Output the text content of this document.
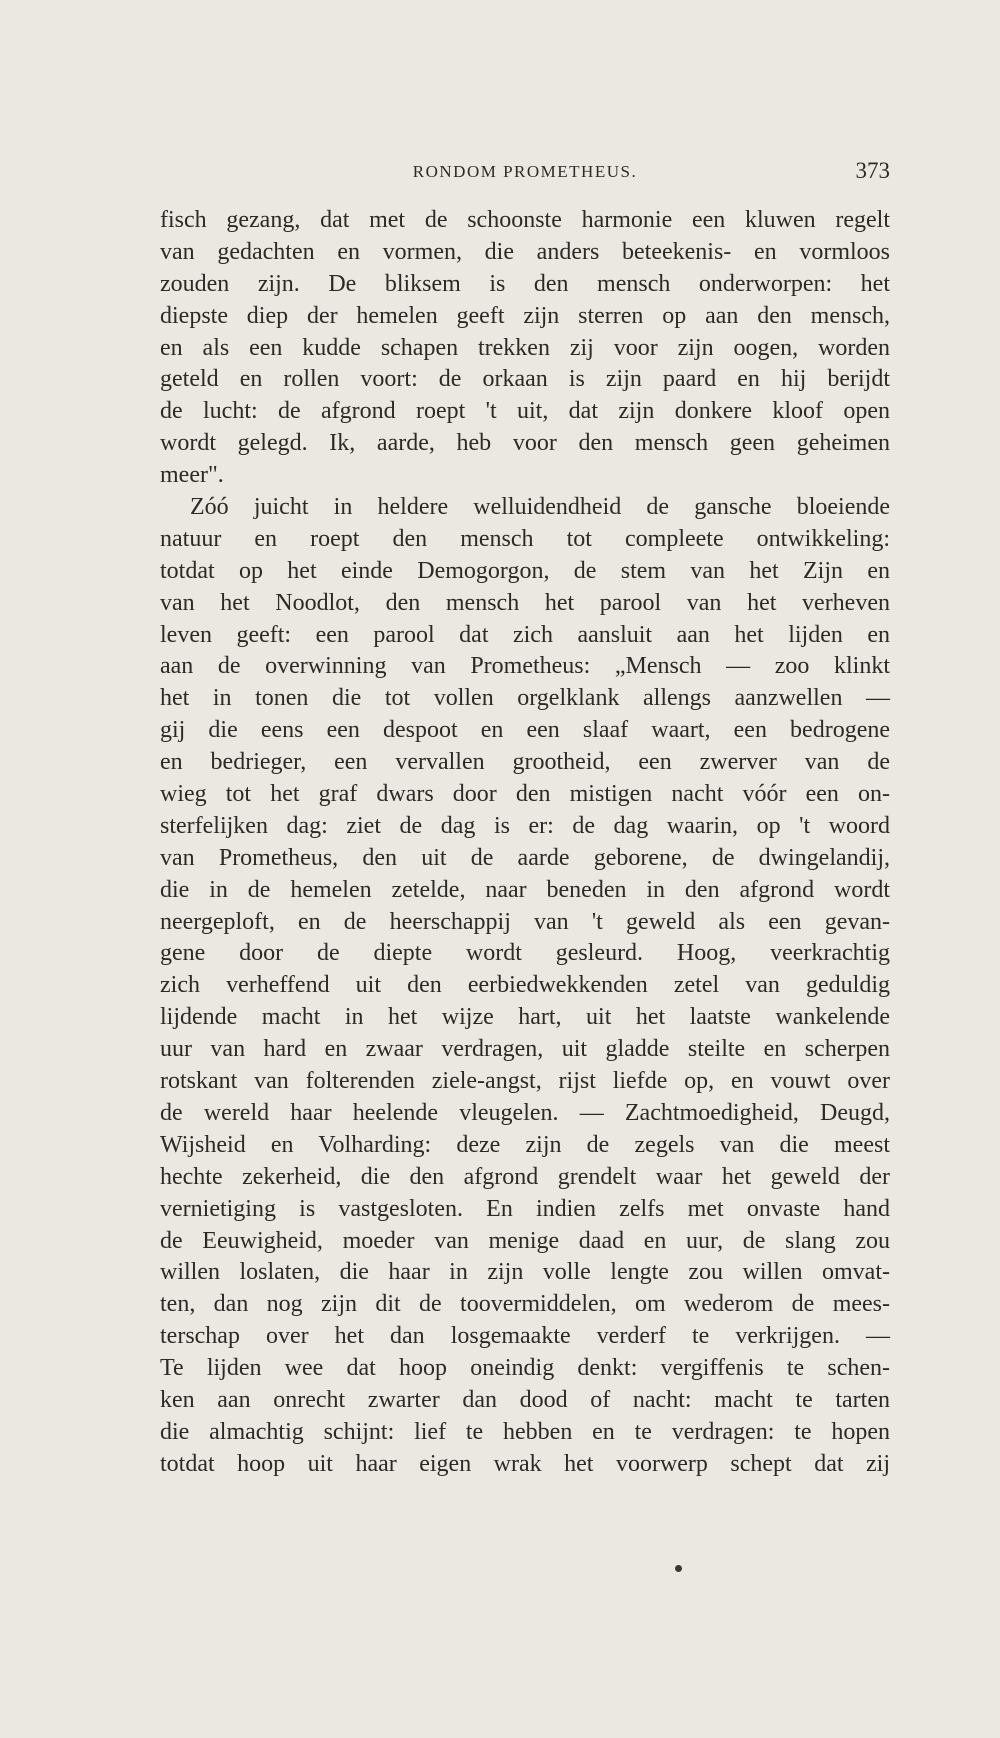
RONDOM PROMETHEUS.	373
fisch gezang, dat met de schoonste harmonie een kluwen regelt
van gedachten en vormen, die anders beteekenis- en vormloos
zouden zijn. De bliksem is den mensch onderworpen: het
diepste diep der hemelen geeft zijn sterren op aan den mensch,
en als een kudde schapen trekken zij voor zijn oogen, worden
geteld en rollen voort: de orkaan is zijn paard en hij berijdt
de lucht: de afgrond roept 't uit, dat zijn donkere kloof open
wordt gelegd. Ik, aarde, heb voor den mensch geen geheimen
meer".
Zóó juicht in heldere welluidendheid de gansche bloeiende
natuur en roept den mensch tot compleete ontwikkeling:
totdat op het einde Demogorgon, de stem van het Zijn en
van het Noodlot, den mensch het parool van het verheven
leven geeft: een parool dat zich aansluit aan het lijden en
aan de overwinning van Prometheus: „Mensch — zoo klinkt
het in tonen die tot vollen orgelklank allengs aanzwellen —
gij die eens een despoot en een slaaf waart, een bedrogene
en bedrieger, een vervallen grootheid, een zwerver van de
wieg tot het graf dwars door den mistigen nacht vóór een on-
sterfelijken dag: ziet de dag is er: de dag waarin, op 't woord
van Prometheus, den uit de aarde geborene, de dwingelandij,
die in de hemelen zetelde, naar beneden in den afgrond wordt
neergeploft, en de heerschappij van 't geweld als een gevan-
gene door de diepte wordt gesleurd. Hoog, veerkrachtig
zich verheffend uit den eerbiedwekkenden zetel van geduldig
lijdende macht in het wijze hart, uit het laatste wankelende
uur van hard en zwaar verdragen, uit gladde steilte en scherpen
rotskant van folterenden ziele-angst, rijst liefde op, en vouwt over
de wereld haar heelende vleugelen. — Zachtmoedigheid, Deugd,
Wijsheid en Volharding: deze zijn de zegels van die meest
hechte zekerheid, die den afgrond grendelt waar het geweld der
vernietiging is vastgesloten. En indien zelfs met onvaste hand
de Eeuwigheid, moeder van menige daad en uur, de slang zou
willen loslaten, die haar in zijn volle lengte zou willen omvat-
ten, dan nog zijn dit de toovermiddelen, om wederom de mees-
terschap over het dan losgemaakte verderf te verkrijgen. —
Te lijden wee dat hoop oneindig denkt: vergiffenis te schen-
ken aan onrecht zwarter dan dood of nacht: macht te tarten
die almachtig schijnt: lief te hebben en te verdragen: te hopen
totdat hoop uit haar eigen wrak het voorwerp schept dat zij
